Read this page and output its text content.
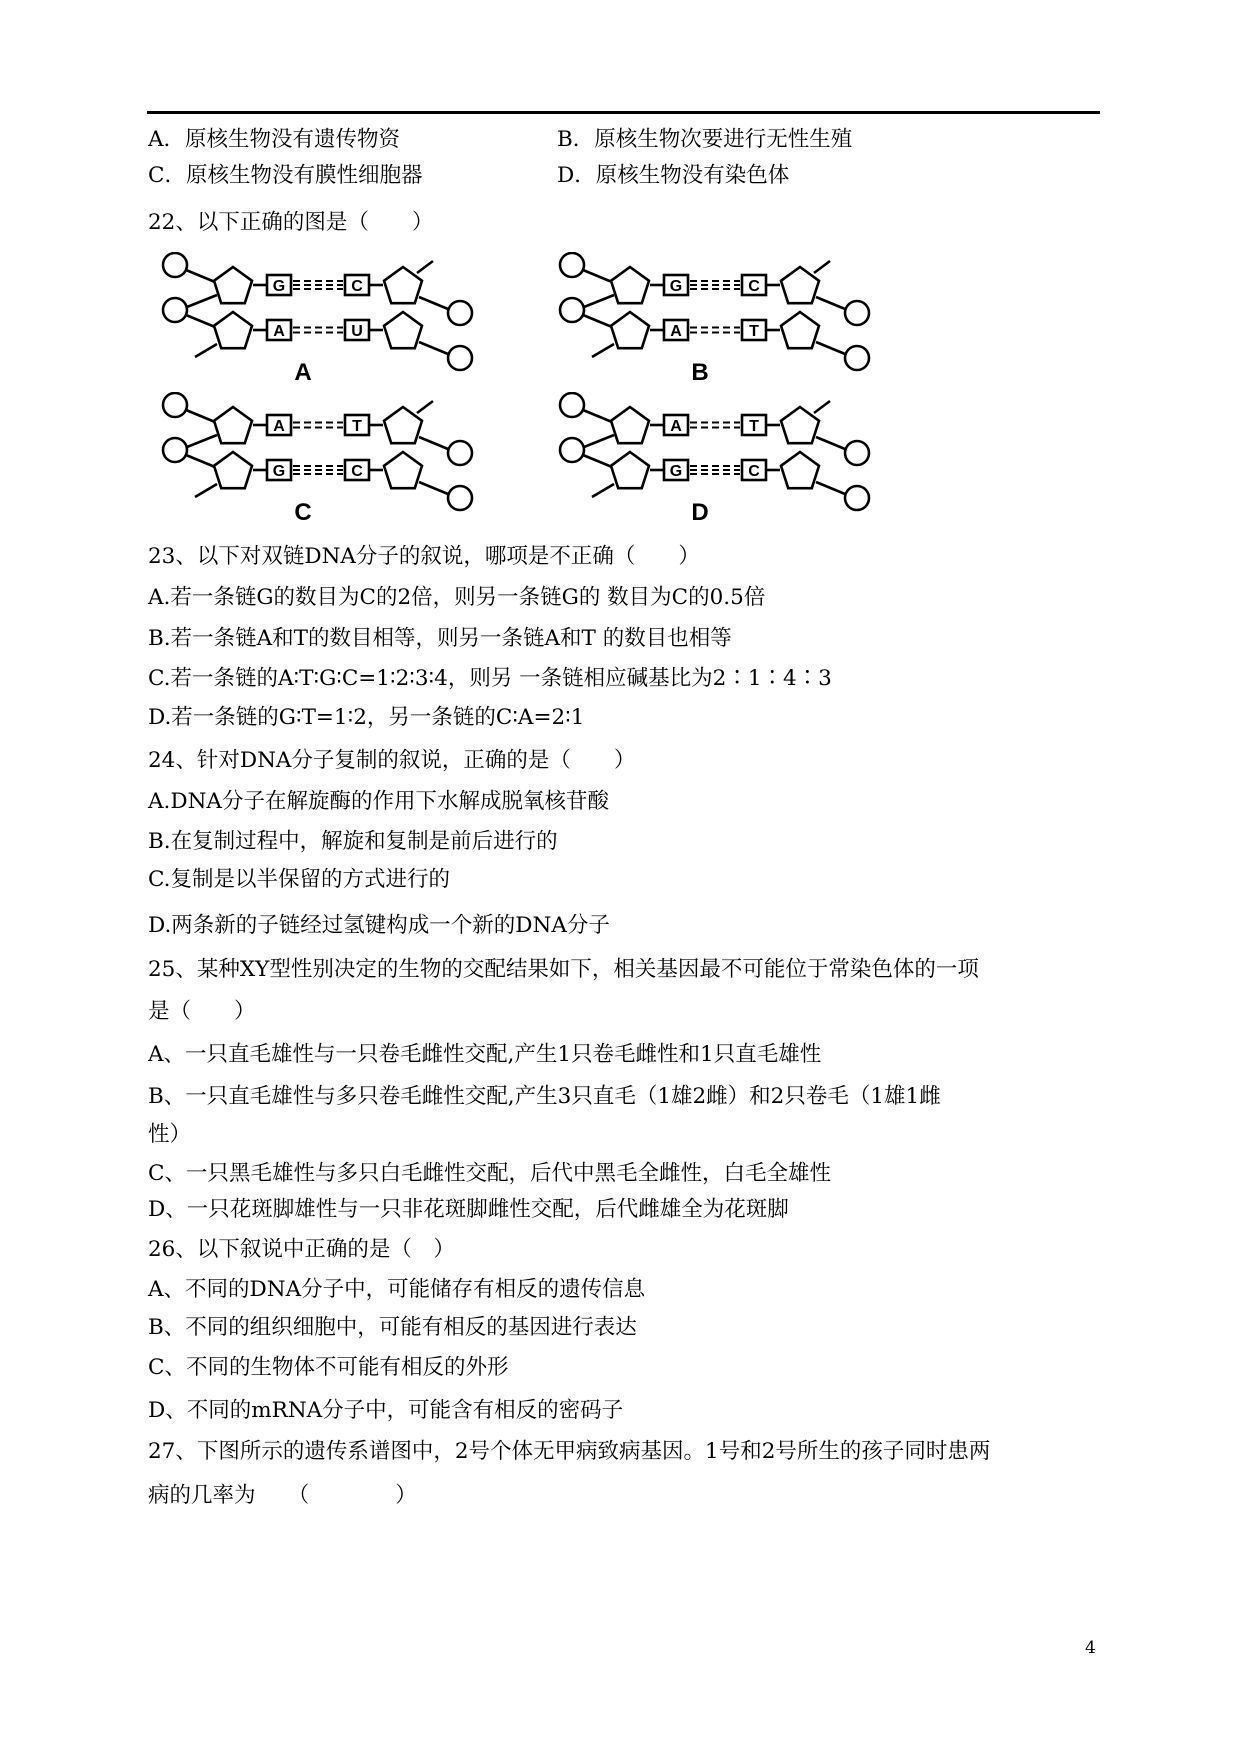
A．原核生物没有遗传物资	B．原核生物次要进行无性生殖
C．原核生物没有膜性细胞器	D．原核生物没有染色体
22、以下正确的图是（　　）
G	C
A	U
A
G	C
A	T
B
A	T
G	C
C
A	T
G	C
D
23、以下对双链DNA分子的叙说，哪项是不正确（　　）
A.若一条链G的数目为C的2倍，则另一条链G的 数目为C的0.5倍
B.若一条链A和T的数目相等，则另一条链A和T 的数目也相等
C.若一条链的A∶T∶G∶C=1∶2∶3∶4，则另 一条链相应碱基比为2∶1∶4∶3
D.若一条链的G∶T=1∶2，另一条链的C∶A=2∶1
24、针对DNA分子复制的叙说，正确的是（　　）
A.DNA分子在解旋酶的作用下水解成脱氧核苷酸
B.在复制过程中，解旋和复制是前后进行的
C.复制是以半保留的方式进行的
D.两条新的子链经过氢键构成一个新的DNA分子
25、某种XY型性别决定的生物的交配结果如下，相关基因最不可能位于常染色体的一项
是（　　）
A、一只直毛雄性与一只卷毛雌性交配,产生1只卷毛雌性和1只直毛雄性
B、一只直毛雄性与多只卷毛雌性交配,产生3只直毛（1雄2雌）和2只卷毛（1雄1雌
性）
C、一只黑毛雄性与多只白毛雌性交配，后代中黑毛全雌性，白毛全雄性
D、一只花斑脚雄性与一只非花斑脚雌性交配，后代雌雄全为花斑脚
26、以下叙说中正确的是（　）
A、不同的DNA分子中，可能储存有相反的遗传信息
B、不同的组织细胞中，可能有相反的基因进行表达
C、不同的生物体不可能有相反的外形
D、不同的mRNA分子中，可能含有相反的密码子
27、下图所示的遗传系谱图中，2号个体无甲病致病基因。1号和2号所生的孩子同时患两
病的几率为　　（　　　　）
4
